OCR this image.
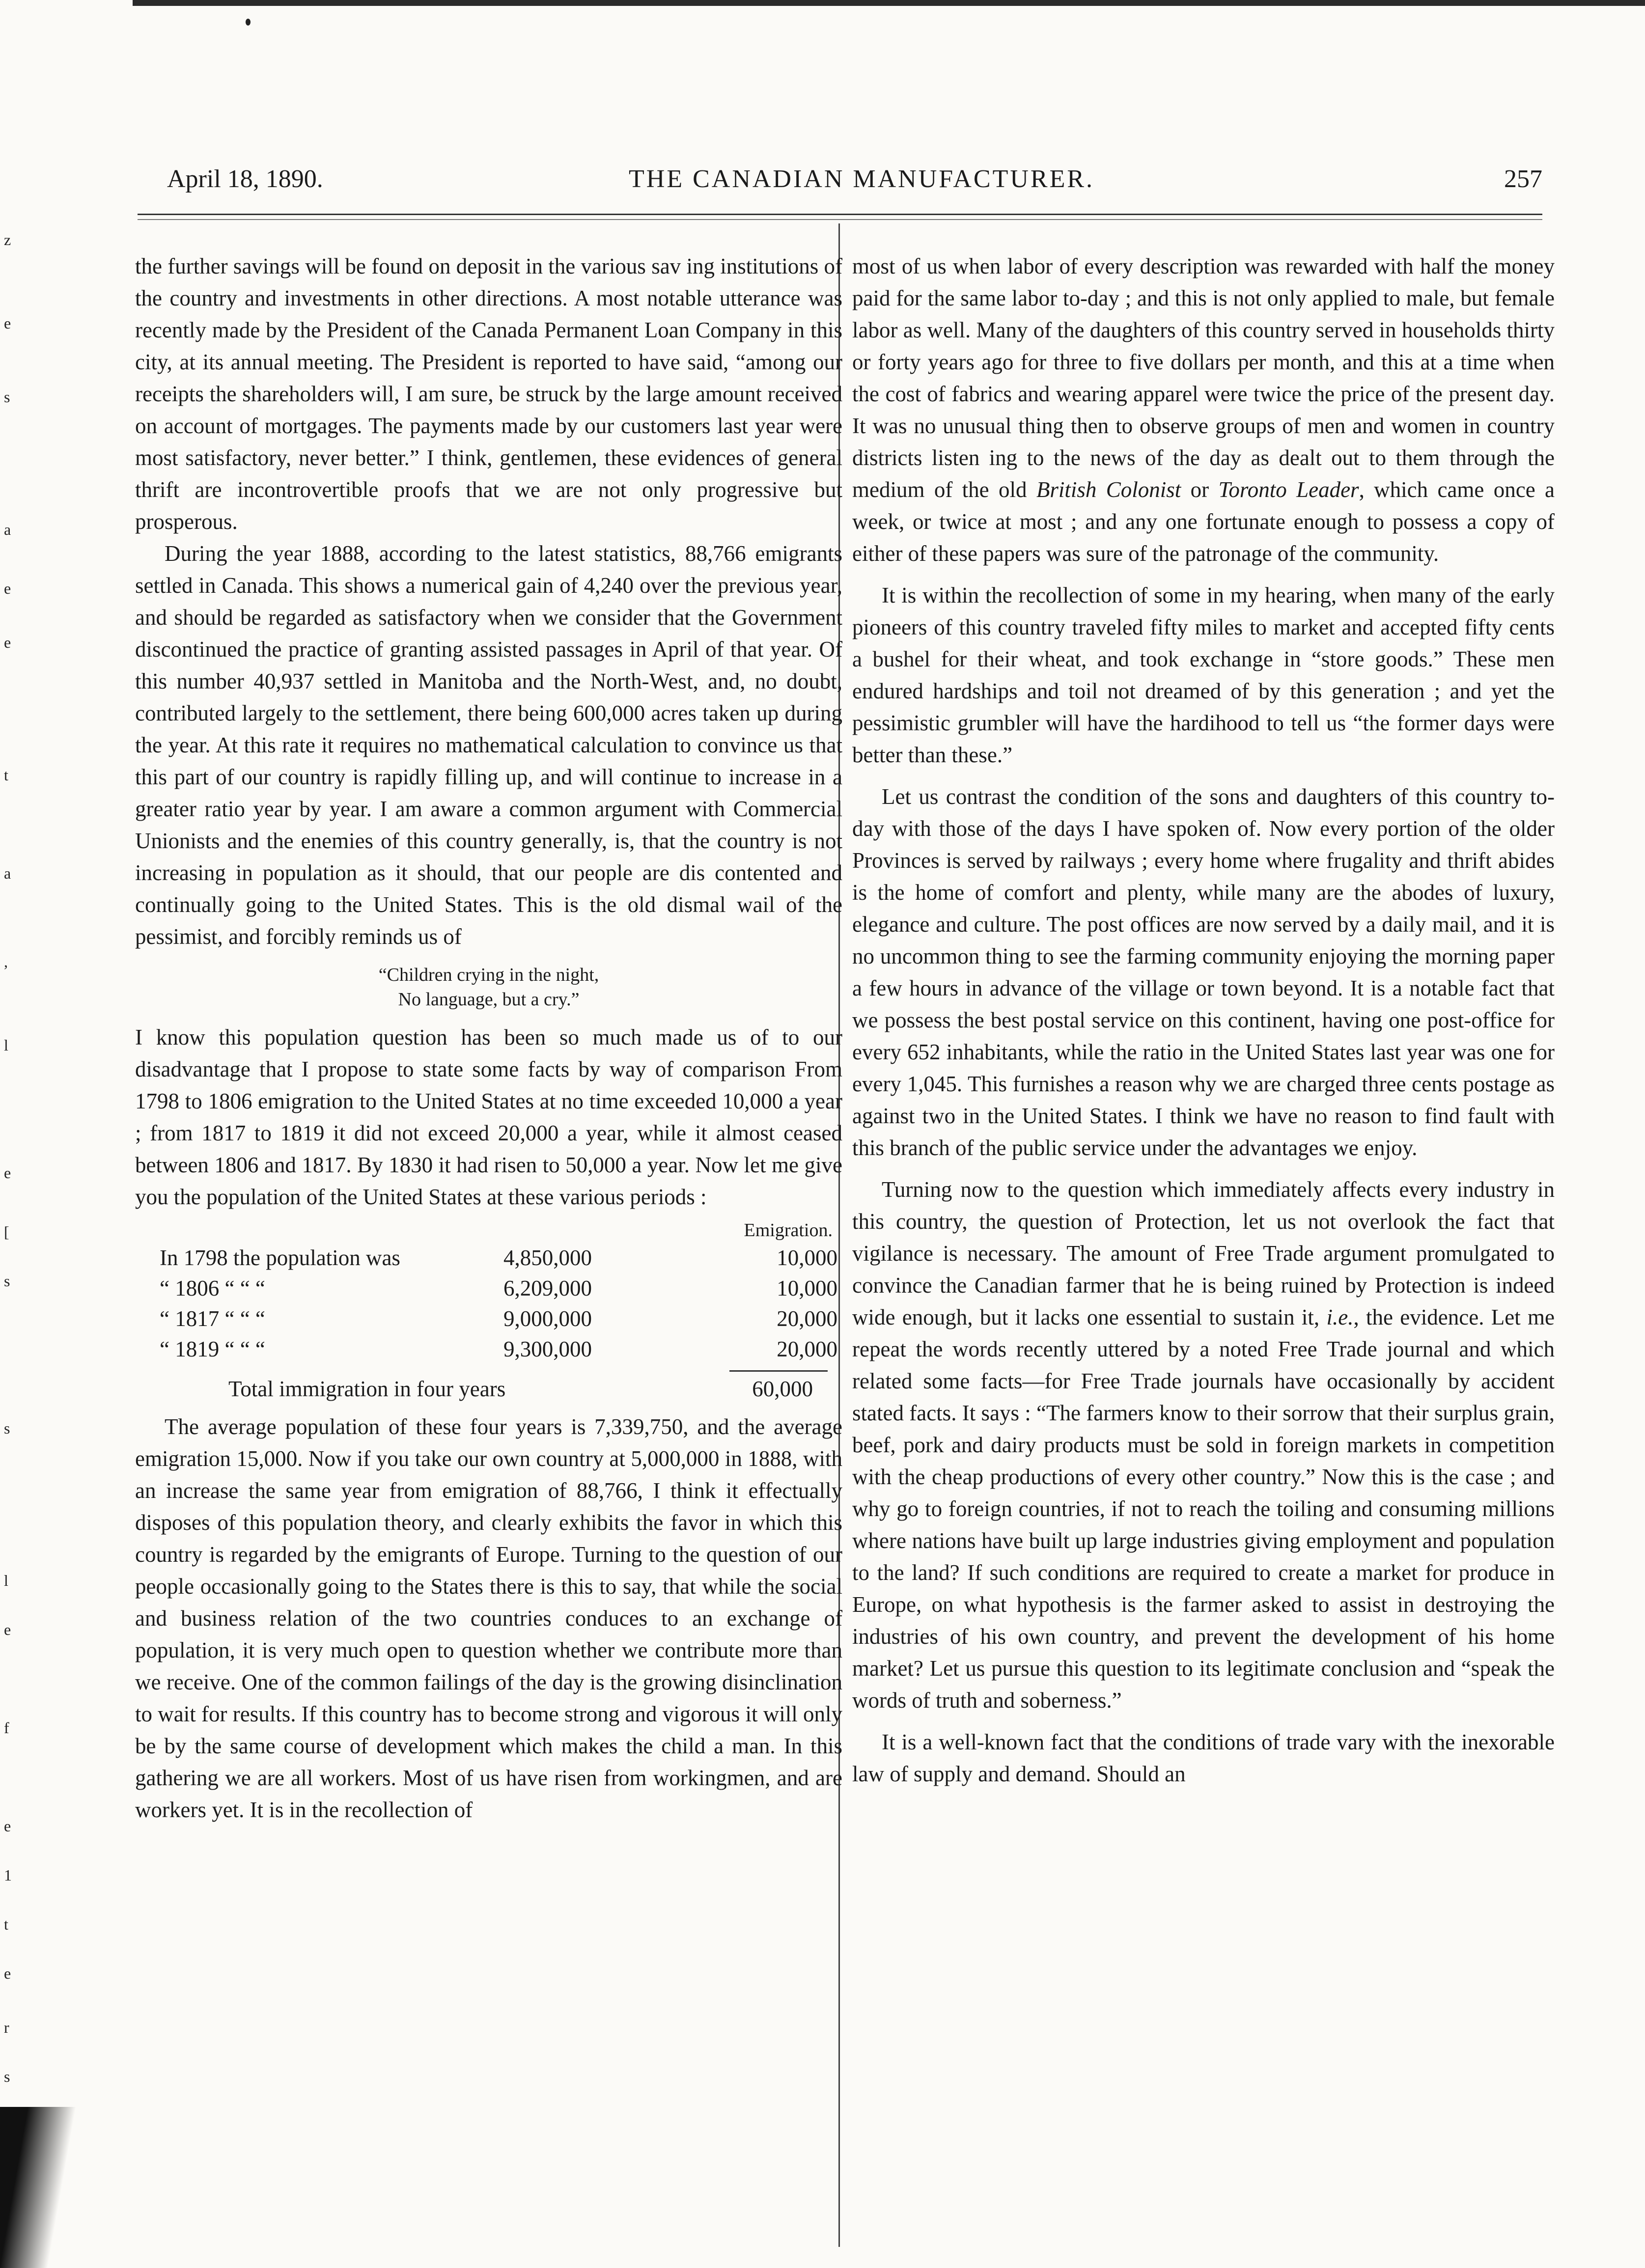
z
e
s
a
e
e
t
a
,
l
e
[
s
s
l
e
f
e
1
t
e
r
s
April 18, 1890.	THE CANADIAN MANUFACTURER.	257

the further savings will be found on deposit in the various sav ing institutions of the country and investments in other directions. A most notable utterance was recently made by the President of the Canada Permanent Loan Company in this city, at its annual meeting. The President is reported to have said, “among our receipts the shareholders will, I am sure, be struck by the large amount received on account of mortgages. The payments made by our customers last year were most satisfactory, never better.” I think, gentlemen, these evidences of general thrift are incontrovertible proofs that we are not only progressive but prosperous.

During the year 1888, according to the latest statistics, 88,766 emigrants settled in Canada. This shows a numerical gain of 4,240 over the previous year, and should be regarded as satisfactory when we consider that the Government discontinued the practice of granting assisted passages in April of that year. Of this number 40,937 settled in Manitoba and the North-West, and, no doubt, contributed largely to the settlement, there being 600,000 acres taken up during the year. At this rate it requires no mathematical calculation to convince us that this part of our country is rapidly filling up, and will continue to increase in a greater ratio year by year. I am aware a common argument with Commercial Unionists and the enemies of this country generally, is, that the country is not increasing in population as it should, that our people are dis contented and continually going to the United States. This is the old dismal wail of the pessimist, and forcibly reminds us of

“Children crying in the night,
No language, but a cry.”

I know this population question has been so much made us of to our disadvantage that I propose to state some facts by way of comparison From 1798 to 1806 emigration to the United States at no time exceeded 10,000 a year ; from 1817 to 1819 it did not exceed 20,000 a year, while it almost ceased between 1806 and 1817. By 1830 it had risen to 50,000 a year. Now let me give you the population of the United States at these various periods :

Emigration.
In 1798 the population was	4,850,000	10,000
“ 1806 “ “ “	6,209,000	10,000
“ 1817 “ “ “	9,000,000	20,000
“ 1819 “ “ “	9,300,000	20,000
Total immigration in four years	60,000

The average population of these four years is 7,339,750, and the average emigration 15,000. Now if you take our own country at 5,000,000 in 1888, with an increase the same year from emigration of 88,766, I think it effectually disposes of this population theory, and clearly exhibits the favor in which this country is regarded by the emigrants of Europe. Turning to the question of our people occasionally going to the States there is this to say, that while the social and business relation of the two countries conduces to an exchange of population, it is very much open to question whether we contribute more than we receive. One of the common failings of the day is the growing disinclination to wait for results. If this country has to become strong and vigorous it will only be by the same course of development which makes the child a man. In this gathering we are all workers. Most of us have risen from workingmen, and are workers yet. It is in the recollection of

most of us when labor of every description was rewarded with half the money paid for the same labor to-day ; and this is not only applied to male, but female labor as well. Many of the daughters of this country served in households thirty or forty years ago for three to five dollars per month, and this at a time when the cost of fabrics and wearing apparel were twice the price of the present day. It was no unusual thing then to observe groups of men and women in country districts listen ing to the news of the day as dealt out to them through the medium of the old British Colonist or Toronto Leader, which came once a week, or twice at most ; and any one fortunate enough to possess a copy of either of these papers was sure of the patronage of the community.

It is within the recollection of some in my hearing, when many of the early pioneers of this country traveled fifty miles to market and accepted fifty cents a bushel for their wheat, and took exchange in “store goods.” These men endured hardships and toil not dreamed of by this generation ; and yet the pessimistic grumbler will have the hardihood to tell us “the former days were better than these.”

Let us contrast the condition of the sons and daughters of this country to-day with those of the days I have spoken of. Now every portion of the older Provinces is served by railways ; every home where frugality and thrift abides is the home of comfort and plenty, while many are the abodes of luxury, elegance and culture. The post offices are now served by a daily mail, and it is no uncommon thing to see the farming community enjoying the morning paper a few hours in advance of the village or town beyond. It is a notable fact that we possess the best postal service on this continent, having one post-office for every 652 inhabitants, while the ratio in the United States last year was one for every 1,045. This furnishes a reason why we are charged three cents postage as against two in the United States. I think we have no reason to find fault with this branch of the public service under the advantages we enjoy.

Turning now to the question which immediately affects every industry in this country, the question of Protection, let us not overlook the fact that vigilance is necessary. The amount of Free Trade argument promulgated to convince the Canadian farmer that he is being ruined by Protection is indeed wide enough, but it lacks one essential to sustain it, i.e., the evidence. Let me repeat the words recently uttered by a noted Free Trade journal and which related some facts—for Free Trade journals have occasionally by accident stated facts. It says : “The farmers know to their sorrow that their surplus grain, beef, pork and dairy products must be sold in foreign markets in competition with the cheap productions of every other country.” Now this is the case ; and why go to foreign countries, if not to reach the toiling and consuming millions where nations have built up large industries giving employment and population to the land? If such conditions are required to create a market for produce in Europe, on what hypothesis is the farmer asked to assist in destroying the industries of his own country, and prevent the development of his home market? Let us pursue this question to its legitimate conclusion and “speak the words of truth and soberness.”

It is a well-known fact that the conditions of trade vary with the inexorable law of supply and demand. Should an
